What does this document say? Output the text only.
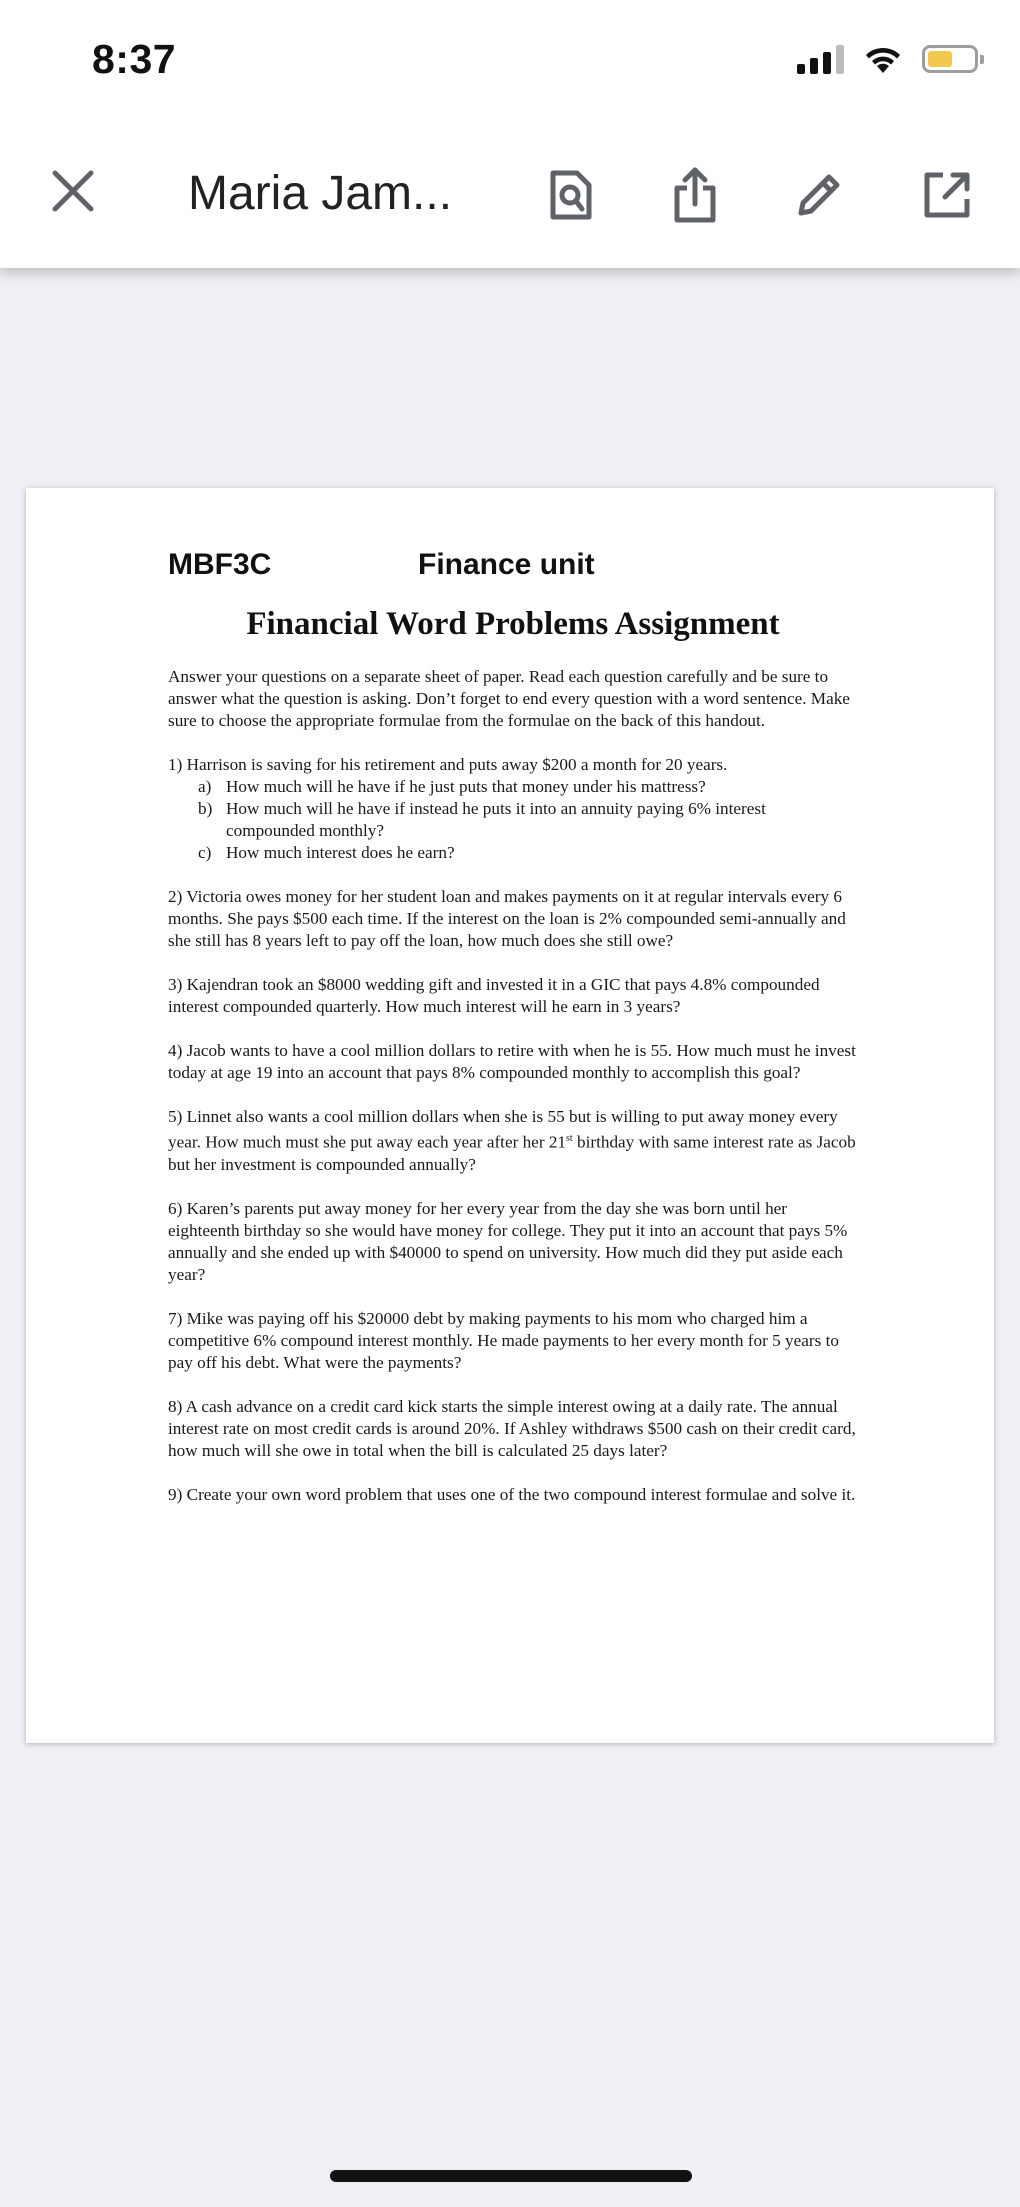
8:37
Maria Jam...
MBF3C	Finance unit
Financial Word Problems Assignment

Answer your questions on a separate sheet of paper. Read each question carefully and be sure to answer what the question is asking. Don’t forget to end every question with a word sentence. Make sure to choose the appropriate formulae from the formulae on the back of this handout.

1) Harrison is saving for his retirement and puts away $200 a month for 20 years.
a) How much will he have if he just puts that money under his mattress?
b) How much will he have if instead he puts it into an annuity paying 6% interest compounded monthly?
c) How much interest does he earn?

2) Victoria owes money for her student loan and makes payments on it at regular intervals every 6 months. She pays $500 each time. If the interest on the loan is 2% compounded semi-annually and she still has 8 years left to pay off the loan, how much does she still owe?

3) Kajendran took an $8000 wedding gift and invested it in a GIC that pays 4.8% compounded interest compounded quarterly. How much interest will he earn in 3 years?

4) Jacob wants to have a cool million dollars to retire with when he is 55. How much must he invest today at age 19 into an account that pays 8% compounded monthly to accomplish this goal?

5) Linnet also wants a cool million dollars when she is 55 but is willing to put away money every year. How much must she put away each year after her 21st birthday with same interest rate as Jacob but her investment is compounded annually?

6) Karen’s parents put away money for her every year from the day she was born until her eighteenth birthday so she would have money for college. They put it into an account that pays 5% annually and she ended up with $40000 to spend on university. How much did they put aside each year?

7) Mike was paying off his $20000 debt by making payments to his mom who charged him a competitive 6% compound interest monthly. He made payments to her every month for 5 years to pay off his debt. What were the payments?

8) A cash advance on a credit card kick starts the simple interest owing at a daily rate. The annual interest rate on most credit cards is around 20%. If Ashley withdraws $500 cash on their credit card, how much will she owe in total when the bill is calculated 25 days later?

9) Create your own word problem that uses one of the two compound interest formulae and solve it.
